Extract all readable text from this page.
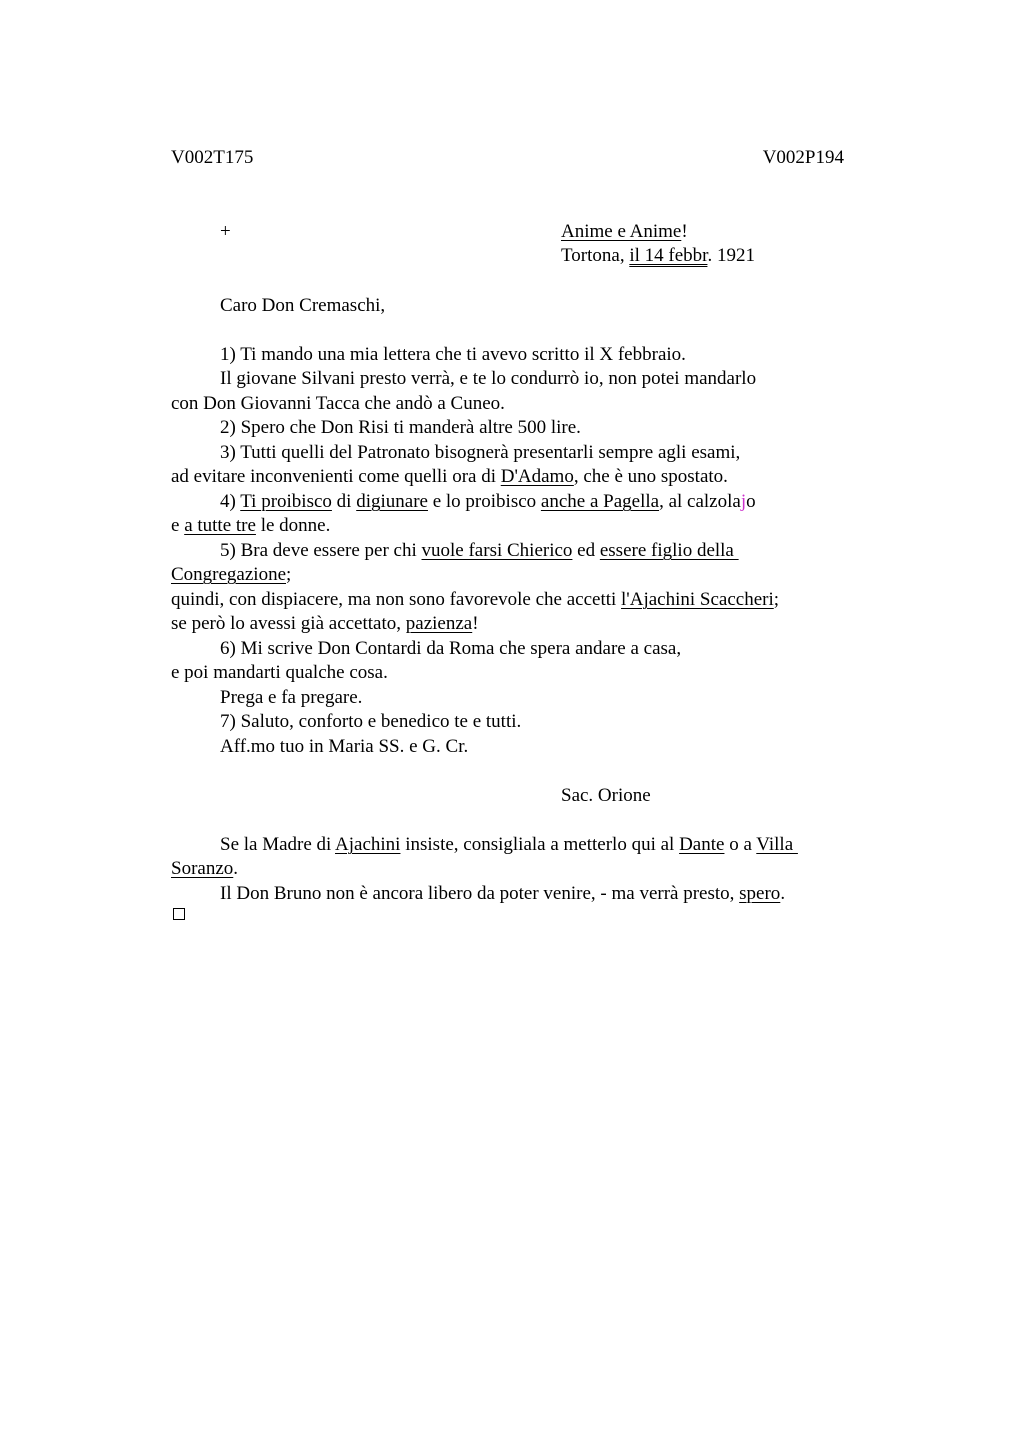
V002T175	V002P194
+	Anime e Anime!
Tortona, il 14 febbr. 1921
Caro Don Cremaschi,
1) Ti mando una mia lettera che ti avevo scritto il X febbraio.
Il giovane Silvani presto verrà, e te lo condurrò io, non potei mandarlo
con Don Giovanni Tacca che andò a Cuneo.
2) Spero che Don Risi ti manderà altre 500 lire.
3) Tutti quelli del Patronato bisognerà presentarli sempre agli esami,
ad evitare inconvenienti come quelli ora di D'Adamo, che è uno spostato.
4) Ti proibisco di digiunare e lo proibisco anche a Pagella, al calzolajo
e a tutte tre le donne.
5) Bra deve essere per chi vuole farsi Chierico ed essere figlio della
Congregazione;
quindi, con dispiacere, ma non sono favorevole che accetti l'Ajachini Scaccheri;
se però lo avessi già accettato, pazienza!
6) Mi scrive Don Contardi da Roma che spera andare a casa,
e poi mandarti qualche cosa.
Prega e fa pregare.
7) Saluto, conforto e benedico te e tutti.
Aff.mo tuo in Maria SS. e G. Cr.
Sac. Orione
Se la Madre di Ajachini insiste, consigliala a metterlo qui al Dante o a Villa
Soranzo.
Il Don Bruno non è ancora libero da poter venire, - ma verrà presto, spero.
